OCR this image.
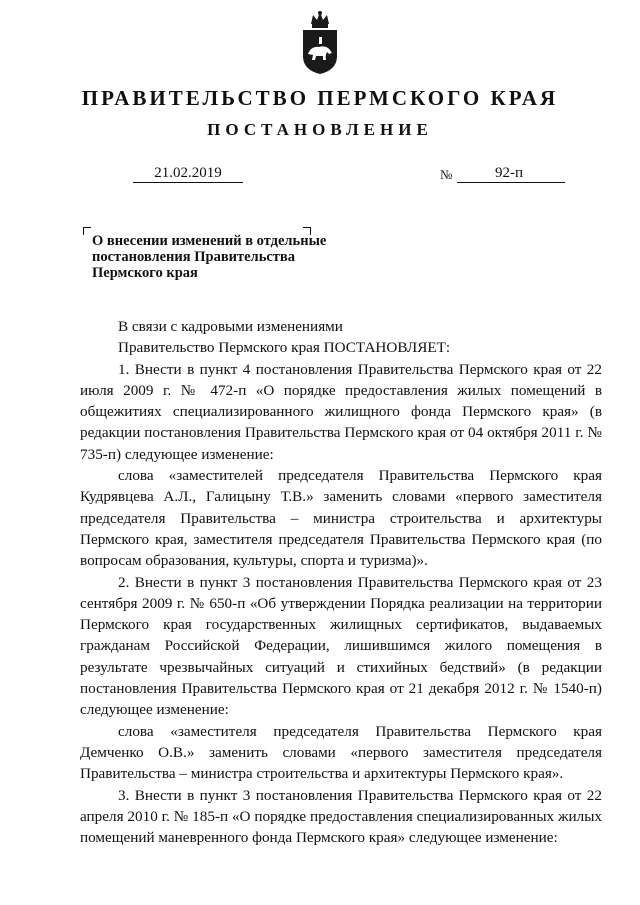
ПРАВИТЕЛЬСТВО ПЕРМСКОГО КРАЯ
ПОСТАНОВЛЕНИЕ
21.02.2019	№	92-п
О внесении изменений в отдельные
постановления Правительства
Пермского края

В связи с кадровыми изменениями

Правительство Пермского края ПОСТАНОВЛЯЕТ:

1. Внести в пункт 4 постановления Правительства Пермского края от 22 июля 2009 г. № 472-п «О порядке предоставления жилых помещений в общежитиях специализированного жилищного фонда Пермского края» (в редакции постановления Правительства Пермского края от 04 октября 2011 г. № 735-п) следующее изменение:

слова «заместителей председателя Правительства Пермского края Кудрявцева А.Л., Галицыну Т.В.» заменить словами «первого заместителя председателя Правительства – министра строительства и архитектуры Пермского края, заместителя председателя Правительства Пермского края (по вопросам образования, культуры, спорта и туризма)».

2. Внести в пункт 3 постановления Правительства Пермского края от 23 сентября 2009 г. № 650-п «Об утверждении Порядка реализации на территории Пермского края государственных жилищных сертификатов, выдаваемых гражданам Российской Федерации, лишившимся жилого помещения в результате чрезвычайных ситуаций и стихийных бедствий» (в редакции постановления Правительства Пермского края от 21 декабря 2012 г. № 1540-п) следующее изменение:

слова «заместителя председателя Правительства Пермского края Демченко О.В.» заменить словами «первого заместителя председателя Правительства – министра строительства и архитектуры Пермского края».

3. Внести в пункт 3 постановления Правительства Пермского края от 22 апреля 2010 г. № 185-п «О порядке предоставления специализированных жилых помещений маневренного фонда Пермского края» следующее изменение:
